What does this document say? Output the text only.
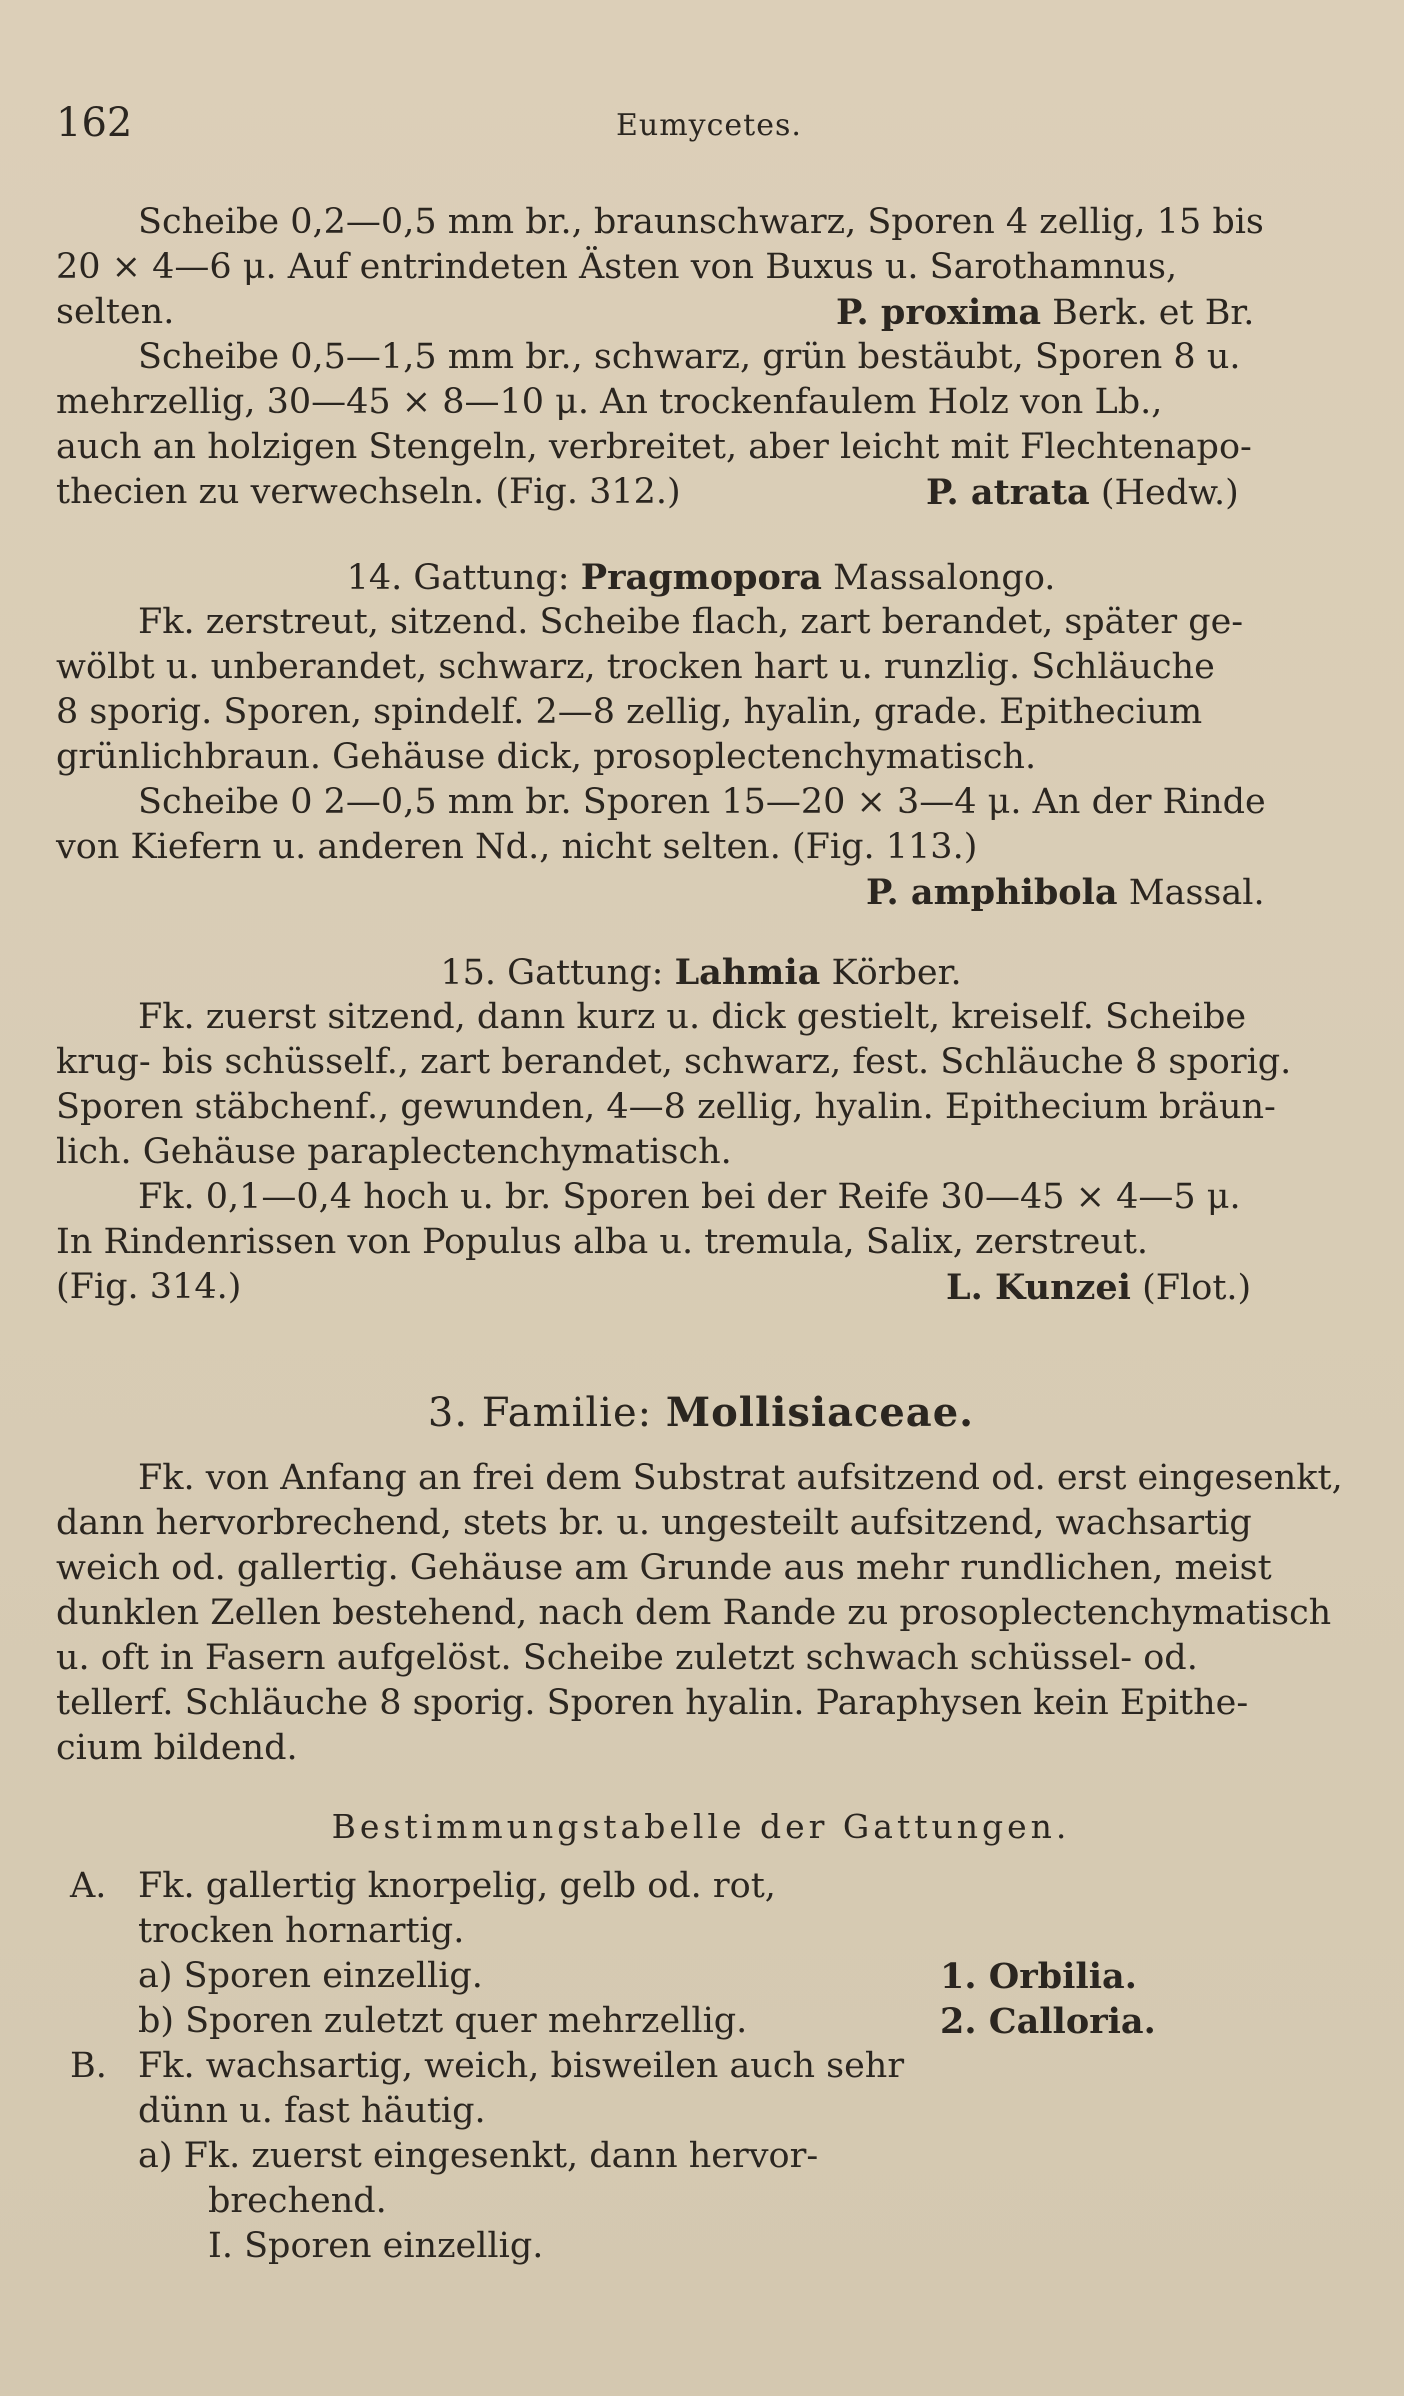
162	Eumycetes.
Scheibe 0,2—0,5 mm br., braunschwarz, Sporen 4 zellig, 15 bis
20 × 4—6 μ. Auf entrindeten Ästen von Buxus u. Sarothamnus,
selten.	P. proxima Berk. et Br.
Scheibe 0,5—1,5 mm br., schwarz, grün bestäubt, Sporen 8 u.
mehrzellig, 30—45 × 8—10 μ. An trockenfaulem Holz von Lb.,
auch an holzigen Stengeln, verbreitet, aber leicht mit Flechtenapo-
thecien zu verwechseln. (Fig. 312.)	P. atrata (Hedw.)
14. Gattung: Pragmopora Massalongo.
Fk. zerstreut, sitzend. Scheibe flach, zart berandet, später ge-
wölbt u. unberandet, schwarz, trocken hart u. runzlig. Schläuche
8 sporig. Sporen, spindelf. 2—8 zellig, hyalin, grade. Epithecium
grünlichbraun. Gehäuse dick, prosoplectenchymatisch.
Scheibe 0 2—0,5 mm br. Sporen 15—20 × 3—4 μ. An der Rinde
von Kiefern u. anderen Nd., nicht selten. (Fig. 113.)
P. amphibola Massal.
15. Gattung: Lahmia Körber.
Fk. zuerst sitzend, dann kurz u. dick gestielt, kreiself. Scheibe
krug- bis schüsself., zart berandet, schwarz, fest. Schläuche 8 sporig.
Sporen stäbchenf., gewunden, 4—8 zellig, hyalin. Epithecium bräun-
lich. Gehäuse paraplectenchymatisch.
Fk. 0,1—0,4 hoch u. br. Sporen bei der Reife 30—45 × 4—5 μ.
In Rindenrissen von Populus alba u. tremula, Salix, zerstreut.
(Fig. 314.)	L. Kunzei (Flot.)
3. Familie: Mollisiaceae.
Fk. von Anfang an frei dem Substrat aufsitzend od. erst eingesenkt,
dann hervorbrechend, stets br. u. ungesteilt aufsitzend, wachsartig
weich od. gallertig. Gehäuse am Grunde aus mehr rundlichen, meist
dunklen Zellen bestehend, nach dem Rande zu prosoplectenchymatisch
u. oft in Fasern aufgelöst. Scheibe zuletzt schwach schüssel- od.
tellerf. Schläuche 8 sporig. Sporen hyalin. Paraphysen kein Epithe-
cium bildend.
Bestimmungstabelle der Gattungen.
A. Fk. gallertig knorpelig, gelb od. rot,
trocken hornartig.
a) Sporen einzellig.	1. Orbilia.
b) Sporen zuletzt quer mehrzellig.	2. Calloria.
B. Fk. wachsartig, weich, bisweilen auch sehr
dünn u. fast häutig.
a) Fk. zuerst eingesenkt, dann hervor-
brechend.
I. Sporen einzellig.
